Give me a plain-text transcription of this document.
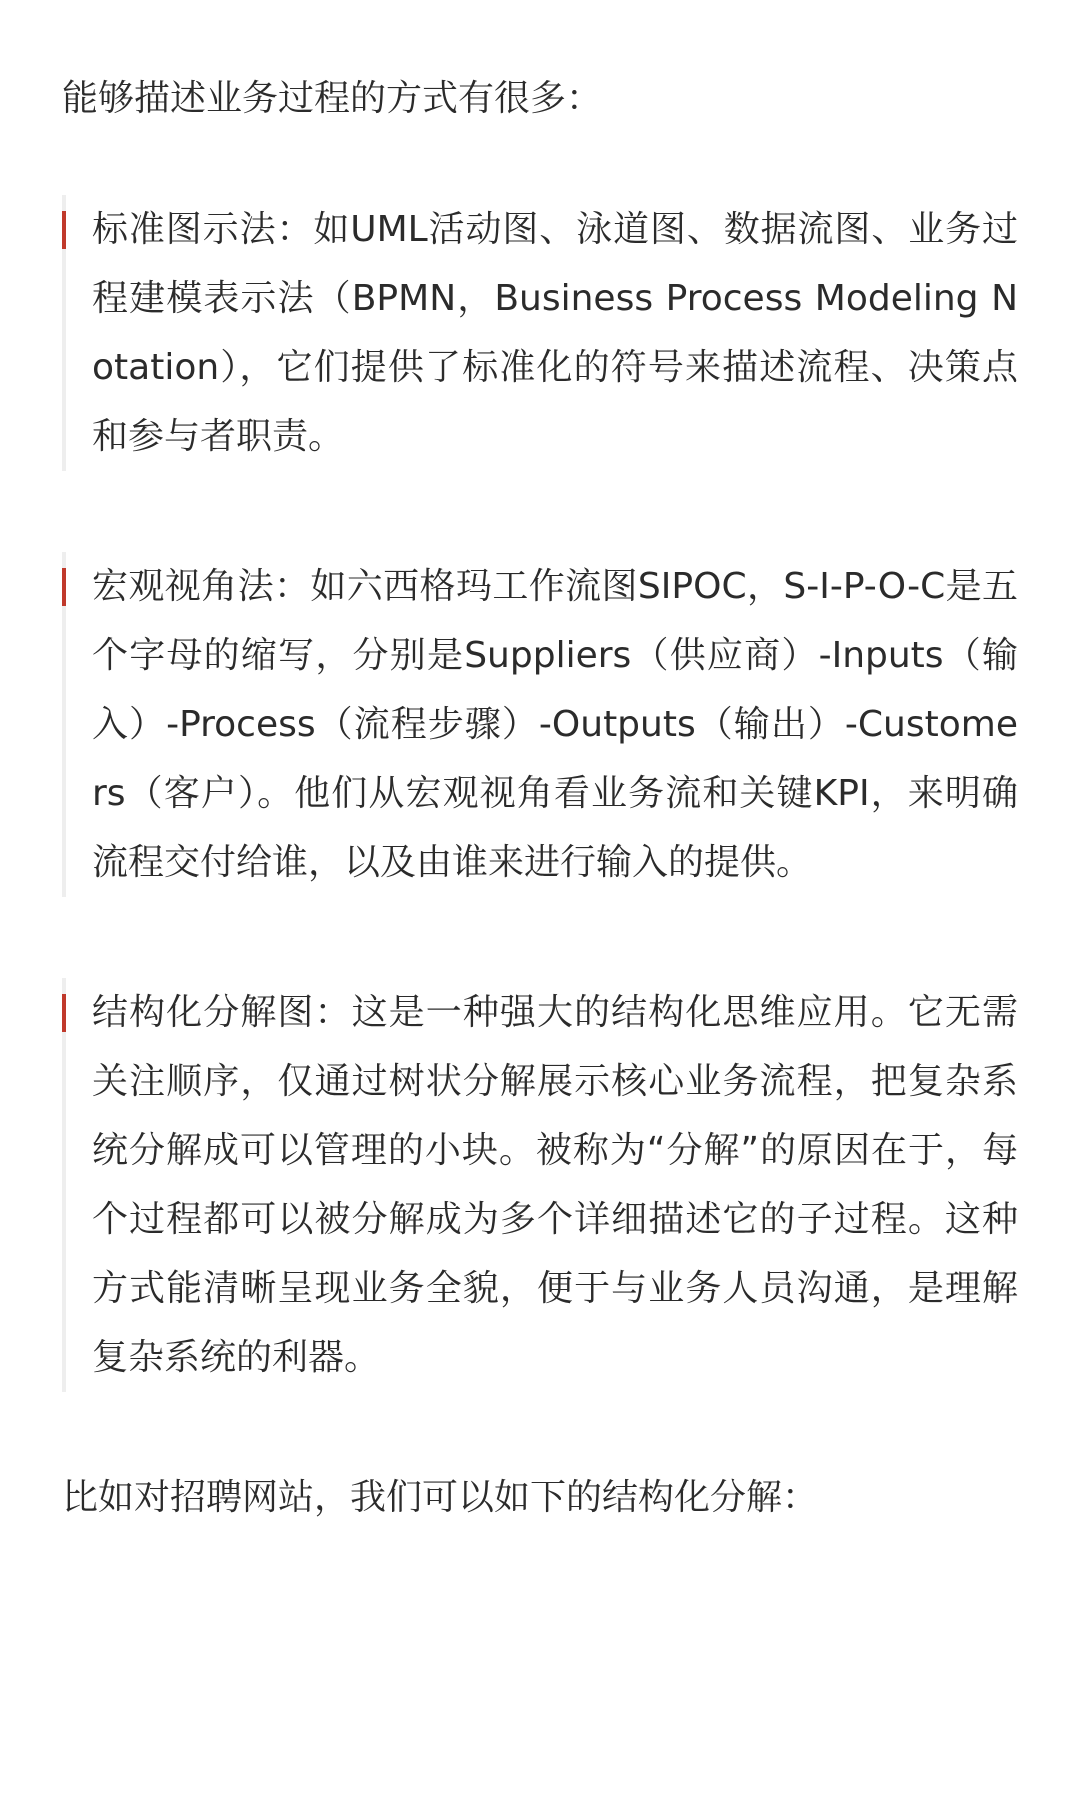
能够描述业务过程的方式有很多：

标准图示法：如UML活动图、泳道图、数据流图、业务过程建模表示法（BPMN，Business Process Modeling Notation），它们提供了标准化的符号来描述流程、决策点和参与者职责。

宏观视角法：如六西格玛工作流图SIPOC，S-I-P-O-C是五个字母的缩写，分别是Suppliers（供应商）-Inputs（输入）-Process（流程步骤）-Outputs（输出）-Customers（客户）。他们从宏观视角看业务流和关键KPI，来明确流程交付给谁，以及由谁来进行输入的提供。

结构化分解图：这是一种强大的结构化思维应用。它无需关注顺序，仅通过树状分解展示核心业务流程，把复杂系统分解成可以管理的小块。被称为“分解”的原因在于，每个过程都可以被分解成为多个详细描述它的子过程。这种方式能清晰呈现业务全貌，便于与业务人员沟通，是理解复杂系统的利器。

比如对招聘网站，我们可以如下的结构化分解：
